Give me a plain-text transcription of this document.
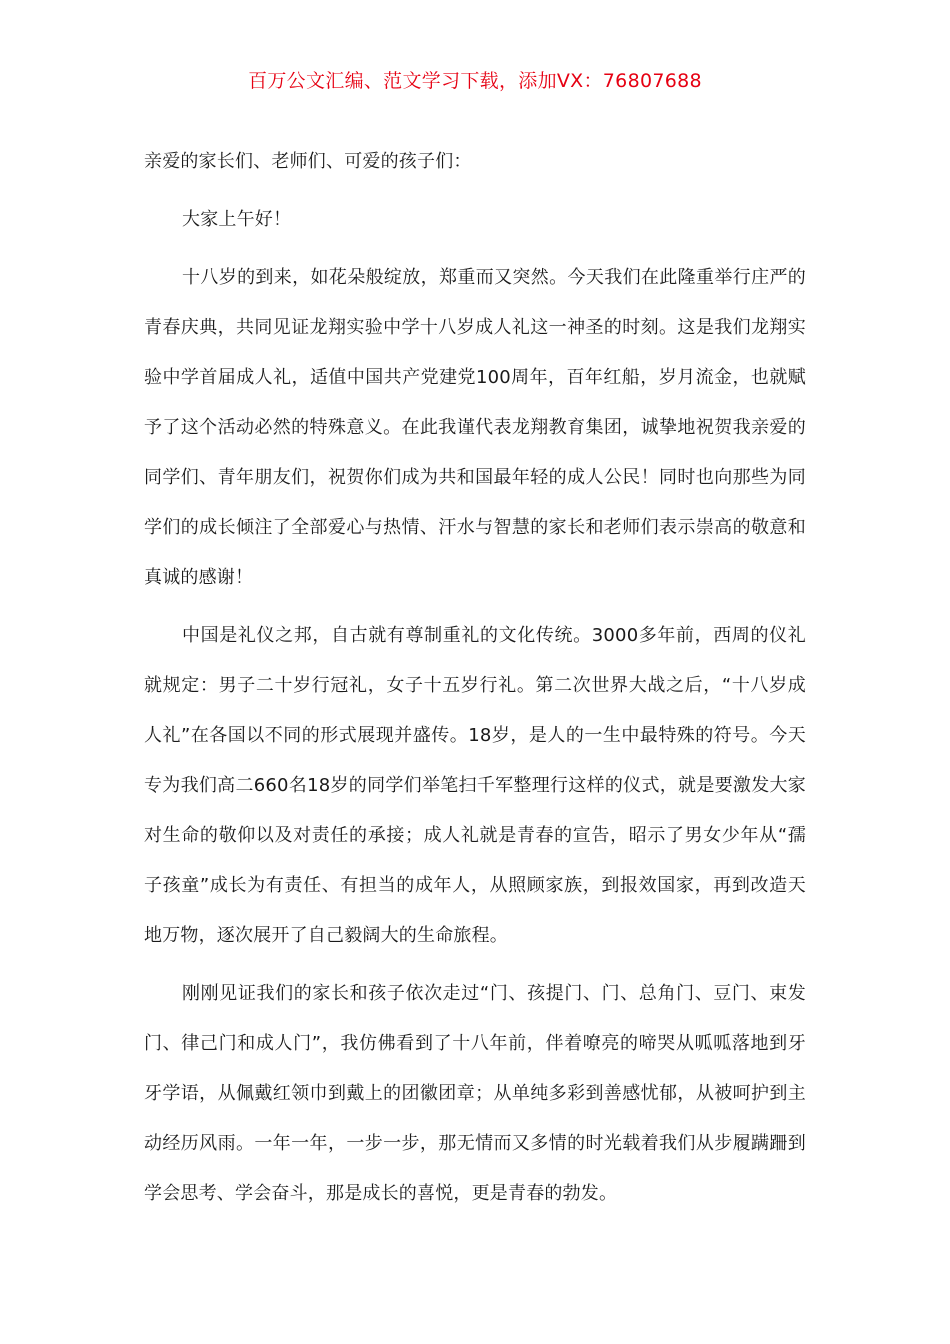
百万公文汇编、范文学习下载，添加VX：76807688

亲爱的家长们、老师们、可爱的孩子们：

大家上午好！

十八岁的到来，如花朵般绽放，郑重而又突然。今天我们在此隆重举行庄严的青春庆典，共同见证龙翔实验中学十八岁成人礼这一神圣的时刻。这是我们龙翔实验中学首届成人礼，适值中国共产党建党100周年，百年红船，岁月流金，也就赋予了这个活动必然的特殊意义。在此我谨代表龙翔教育集团，诚挚地祝贺我亲爱的同学们、青年朋友们，祝贺你们成为共和国最年轻的成人公民！同时也向那些为同学们的成长倾注了全部爱心与热情、汗水与智慧的家长和老师们表示崇高的敬意和真诚的感谢！

中国是礼仪之邦，自古就有尊制重礼的文化传统。3000多年前，西周的仪礼就规定：男子二十岁行冠礼，女子十五岁行礼。第二次世界大战之后，“十八岁成人礼”在各国以不同的形式展现并盛传。18岁，是人的一生中最特殊的符号。今天专为我们高二660名18岁的同学们举笔扫千军整理行这样的仪式，就是要激发大家对生命的敬仰以及对责任的承接；成人礼就是青春的宣告，昭示了男女少年从“孺子孩童”成长为有责任、有担当的成年人，从照顾家族，到报效国家，再到改造天地万物，逐次展开了自己毅阔大的生命旅程。

刚刚见证我们的家长和孩子依次走过“门、孩提门、门、总角门、豆门、束发门、律己门和成人门”，我仿佛看到了十八年前，伴着嘹亮的啼哭从呱呱落地到牙牙学语，从佩戴红领巾到戴上的团徽团章；从单纯多彩到善感忧郁，从被呵护到主动经历风雨。一年一年，一步一步，那无情而又多情的时光载着我们从步履蹒跚到学会思考、学会奋斗，那是成长的喜悦，更是青春的勃发。
